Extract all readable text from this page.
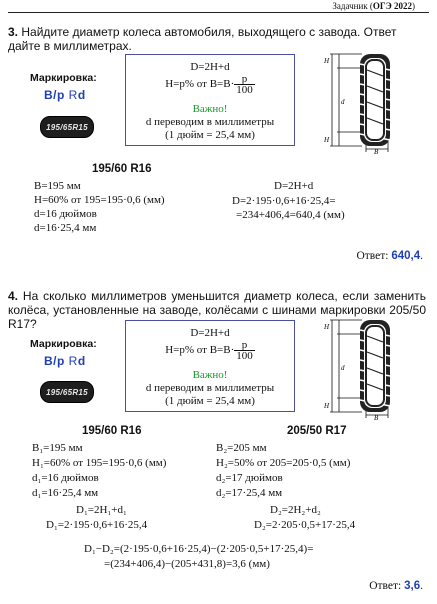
Задачник (ОГЭ 2022)
3. Найдите диаметр колеса автомобиля, выходящего с завода. Ответ дайте в миллиметрах.
Маркировка:
B/p Rd
195/65R15
D=2H+d
H=p% от $B=B\cdot \frac{p}{100}$
Важно!
d переводим в миллиметры
(1 дюйм = 25,4 мм)
H
d
H
B
195/60 R16
B=195 мм
H=60% от 195=195·0,6 (мм)
d=16 дюймов
d=16·25,4 мм
D=2H+d
D=2·195·0,6+16·25,4=
=234+406,4=640,4 (мм)
Ответ: 640,4.
4. На сколько миллиметров уменьшится диаметр колеса, если заменить колёса, установленные на заводе, колёсами с шинами маркировки 205/50 R17?
Маркировка:
B/p Rd
195/65R15
D=2H+d
H=p% от $B=B\cdot \frac{p}{100}$
Важно!
d переводим в миллиметры
(1 дюйм = 25,4 мм)
H
d
H
B
195/60 R16	205/50 R17
B₁=195 мм
H₁=60% от 195=195·0,6 (мм)
d₁=16 дюймов
d₁=16·25,4 мм
B₂=205 мм
H₂=50% от 205=205·0,5 (мм)
d₂=17 дюймов
d₂=17·25,4 мм
D₁=2H₁+d₁
D₁=2·195·0,6+16·25,4
D₂=2H₂+d₂
D₂=2·205·0,5+17·25,4
D₁−D₂=(2·195·0,6+16·25,4)−(2·205·0,5+17·25,4)=
=(234+406,4)−(205+431,8)=3,6 (мм)
Ответ: 3,6.
